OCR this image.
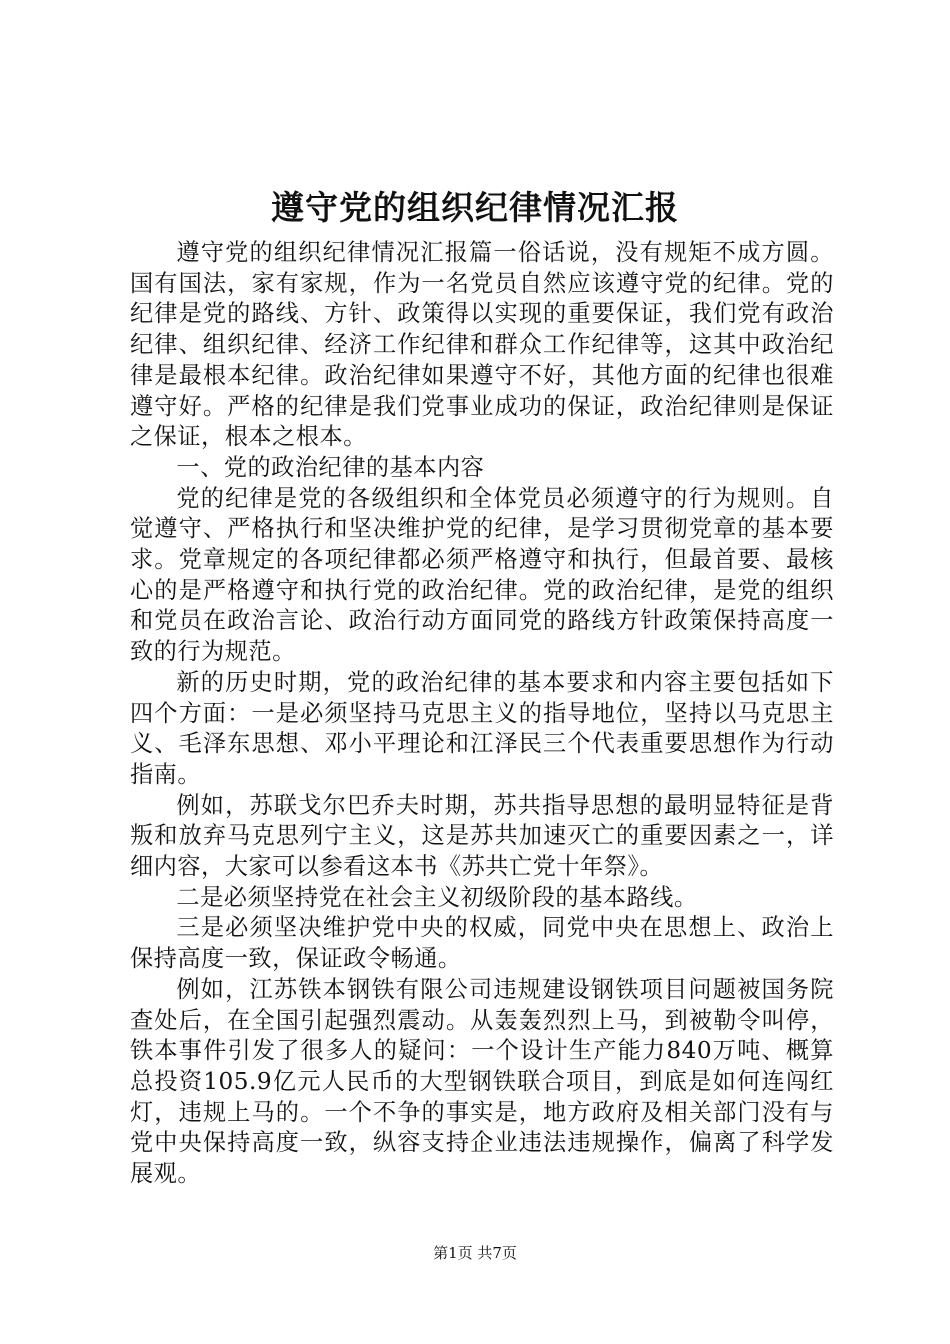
遵守党的组织纪律情况汇报

遵守党的组织纪律情况汇报篇一俗话说，没有规矩不成方圆。国有国法，家有家规，作为一名党员自然应该遵守党的纪律。党的纪律是党的路线、方针、政策得以实现的重要保证，我们党有政治纪律、组织纪律、经济工作纪律和群众工作纪律等，这其中政治纪律是最根本纪律。政治纪律如果遵守不好，其他方面的纪律也很难遵守好。严格的纪律是我们党事业成功的保证，政治纪律则是保证之保证，根本之根本。

一、党的政治纪律的基本内容

党的纪律是党的各级组织和全体党员必须遵守的行为规则。自觉遵守、严格执行和坚决维护党的纪律，是学习贯彻党章的基本要求。党章规定的各项纪律都必须严格遵守和执行，但最首要、最核心的是严格遵守和执行党的政治纪律。党的政治纪律，是党的组织和党员在政治言论、政治行动方面同党的路线方针政策保持高度一致的行为规范。

新的历史时期，党的政治纪律的基本要求和内容主要包括如下四个方面：一是必须坚持马克思主义的指导地位，坚持以马克思主义、毛泽东思想、邓小平理论和江泽民三个代表重要思想作为行动指南。

例如，苏联戈尔巴乔夫时期，苏共指导思想的最明显特征是背叛和放弃马克思列宁主义，这是苏共加速灭亡的重要因素之一，详细内容，大家可以参看这本书《苏共亡党十年祭》。

二是必须坚持党在社会主义初级阶段的基本路线。

三是必须坚决维护党中央的权威，同党中央在思想上、政治上保持高度一致，保证政令畅通。

例如，江苏铁本钢铁有限公司违规建设钢铁项目问题被国务院查处后，在全国引起强烈震动。从轰轰烈烈上马，到被勒令叫停，铁本事件引发了很多人的疑问：一个设计生产能力840万吨、概算总投资105.9亿元人民币的大型钢铁联合项目，到底是如何连闯红灯，违规上马的。一个不争的事实是，地方政府及相关部门没有与党中央保持高度一致，纵容支持企业违法违规操作，偏离了科学发展观。

第1页 共7页
